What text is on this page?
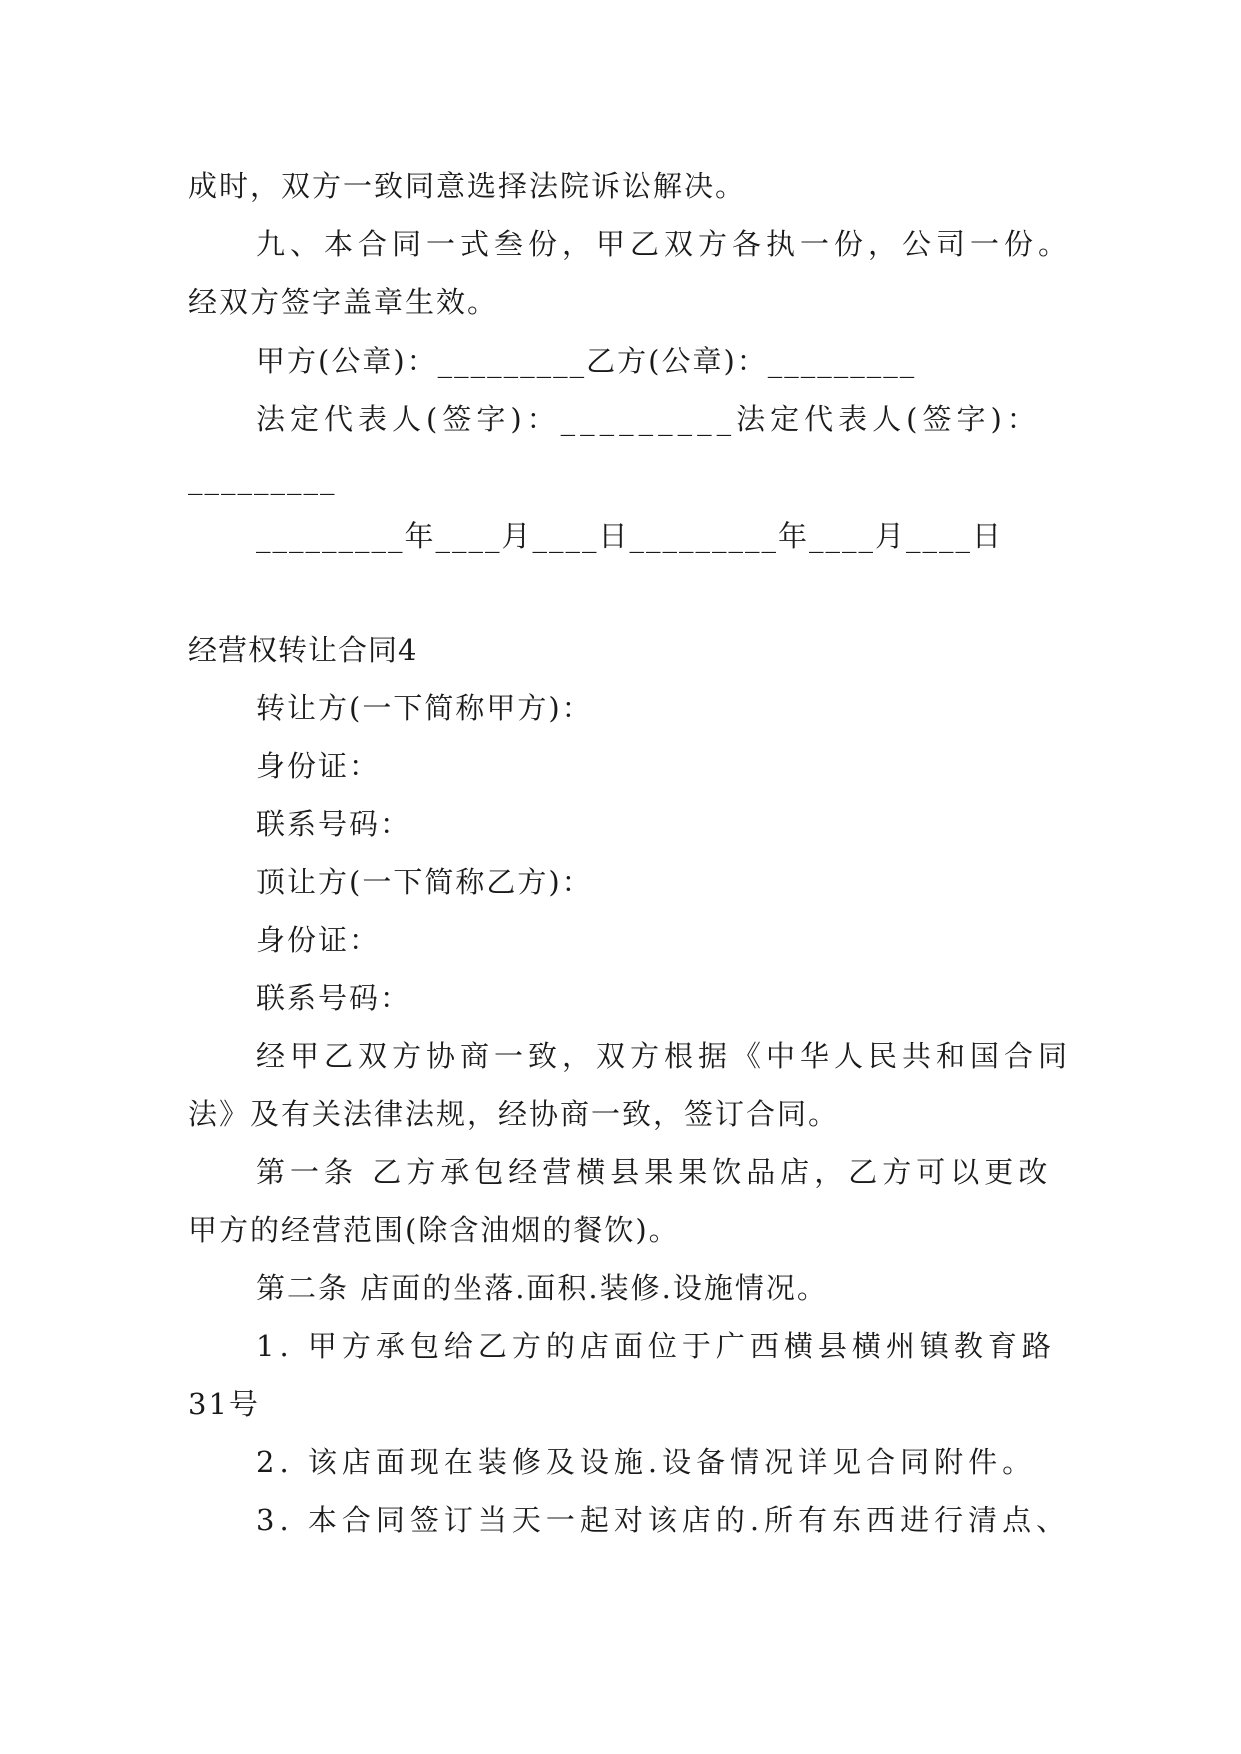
成时，双方一致同意选择法院诉讼解决。
九、本合同一式叁份，甲乙双方各执一份，公司一份。
经双方签字盖章生效。
甲方(公章)：_________乙方(公章)：_________
法定代表人(签字)：_________法定代表人(签字)：
_________
_________年____月____日_________年____月____日
经营权转让合同4
转让方(一下简称甲方)：
身份证：
联系号码：
顶让方(一下简称乙方)：
身份证：
联系号码：
经甲乙双方协商一致，双方根据《中华人民共和国合同
法》及有关法律法规，经协商一致，签订合同。
第一条 乙方承包经营横县果果饮品店，乙方可以更改
甲方的经营范围(除含油烟的餐饮)。
第二条 店面的坐落.面积.装修.设施情况。
1. 甲方承包给乙方的店面位于广西横县横州镇教育路
31号
2. 该店面现在装修及设施.设备情况详见合同附件。
3. 本合同签订当天一起对该店的.所有东西进行清点、
